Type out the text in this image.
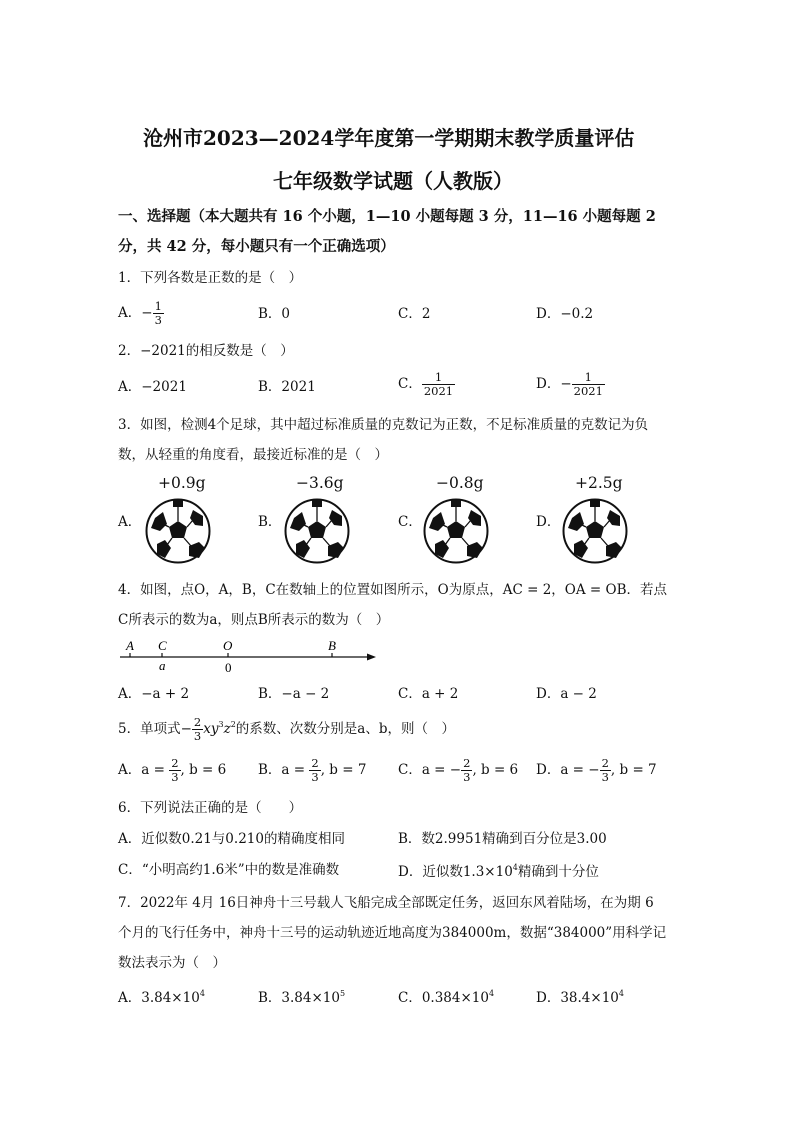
沧州市2023—2024学年度第一学期期末教学质量评估
七年级数学试题（人教版）
一、选择题（本大题共有 16 个小题，1—10 小题每题 3 分，11—16 小题每题 2
分，共 42 分，每小题只有一个正确选项）
1．下列各数是正数的是（　）
A．− $\frac{1}{3}$	B．0	C．2	D．−0.2
2．−2021的相反数是（　）
A．−2021	B．2021	C． $\frac{1}{2021}$	D．− $\frac{1}{2021}$
3．如图，检测4个足球，其中超过标准质量的克数记为正数，不足标准质量的克数记为负
数，从轻重的角度看，最接近标准的是（　）
+0.9g	−3.6g	−0.8g	+2.5g
A．	B．	C．	D．
4．如图，点O，A，B，C在数轴上的位置如图所示，O为原点，AC = 2，OA = OB．若点
C所表示的数为a，则点B所表示的数为（　）
A C	O	B
a	0
A．−a + 2	B．−a − 2	C．a + 2	D．a − 2
5．单项式− $\frac{2}{3} xy^3z^2$的系数、次数分别是a、b，则（　）
A．$a = \frac{2}{3}$ , b = 6 B．$a = \frac{2}{3}$ , b = 7 C．a = − $\frac{2}{3}$ , b = 6 D．a = − $\frac{2}{3}$ , b = 7
6．下列说法正确的是（　　）
A．近似数0.21与0.210的精确度相同	B．数2.9951精确到百分位是3.00
C．“小明高约1.6米”中的数是准确数	D．近似数$1.3\times 10^4$精确到十分位
7．2022年 4月 16日神舟十三号载人飞船完成全部既定任务，返回东风着陆场，在为期 6
个月的飞行任务中，神舟十三号的运动轨迹近地高度为384000m，数据“384000”用科学记
数法表示为（　）
A．$3.84\times 10^4$	B．$3.84\times 10^5$	C．$0.384\times 10^4$	D．$38.4\times 10^4$
